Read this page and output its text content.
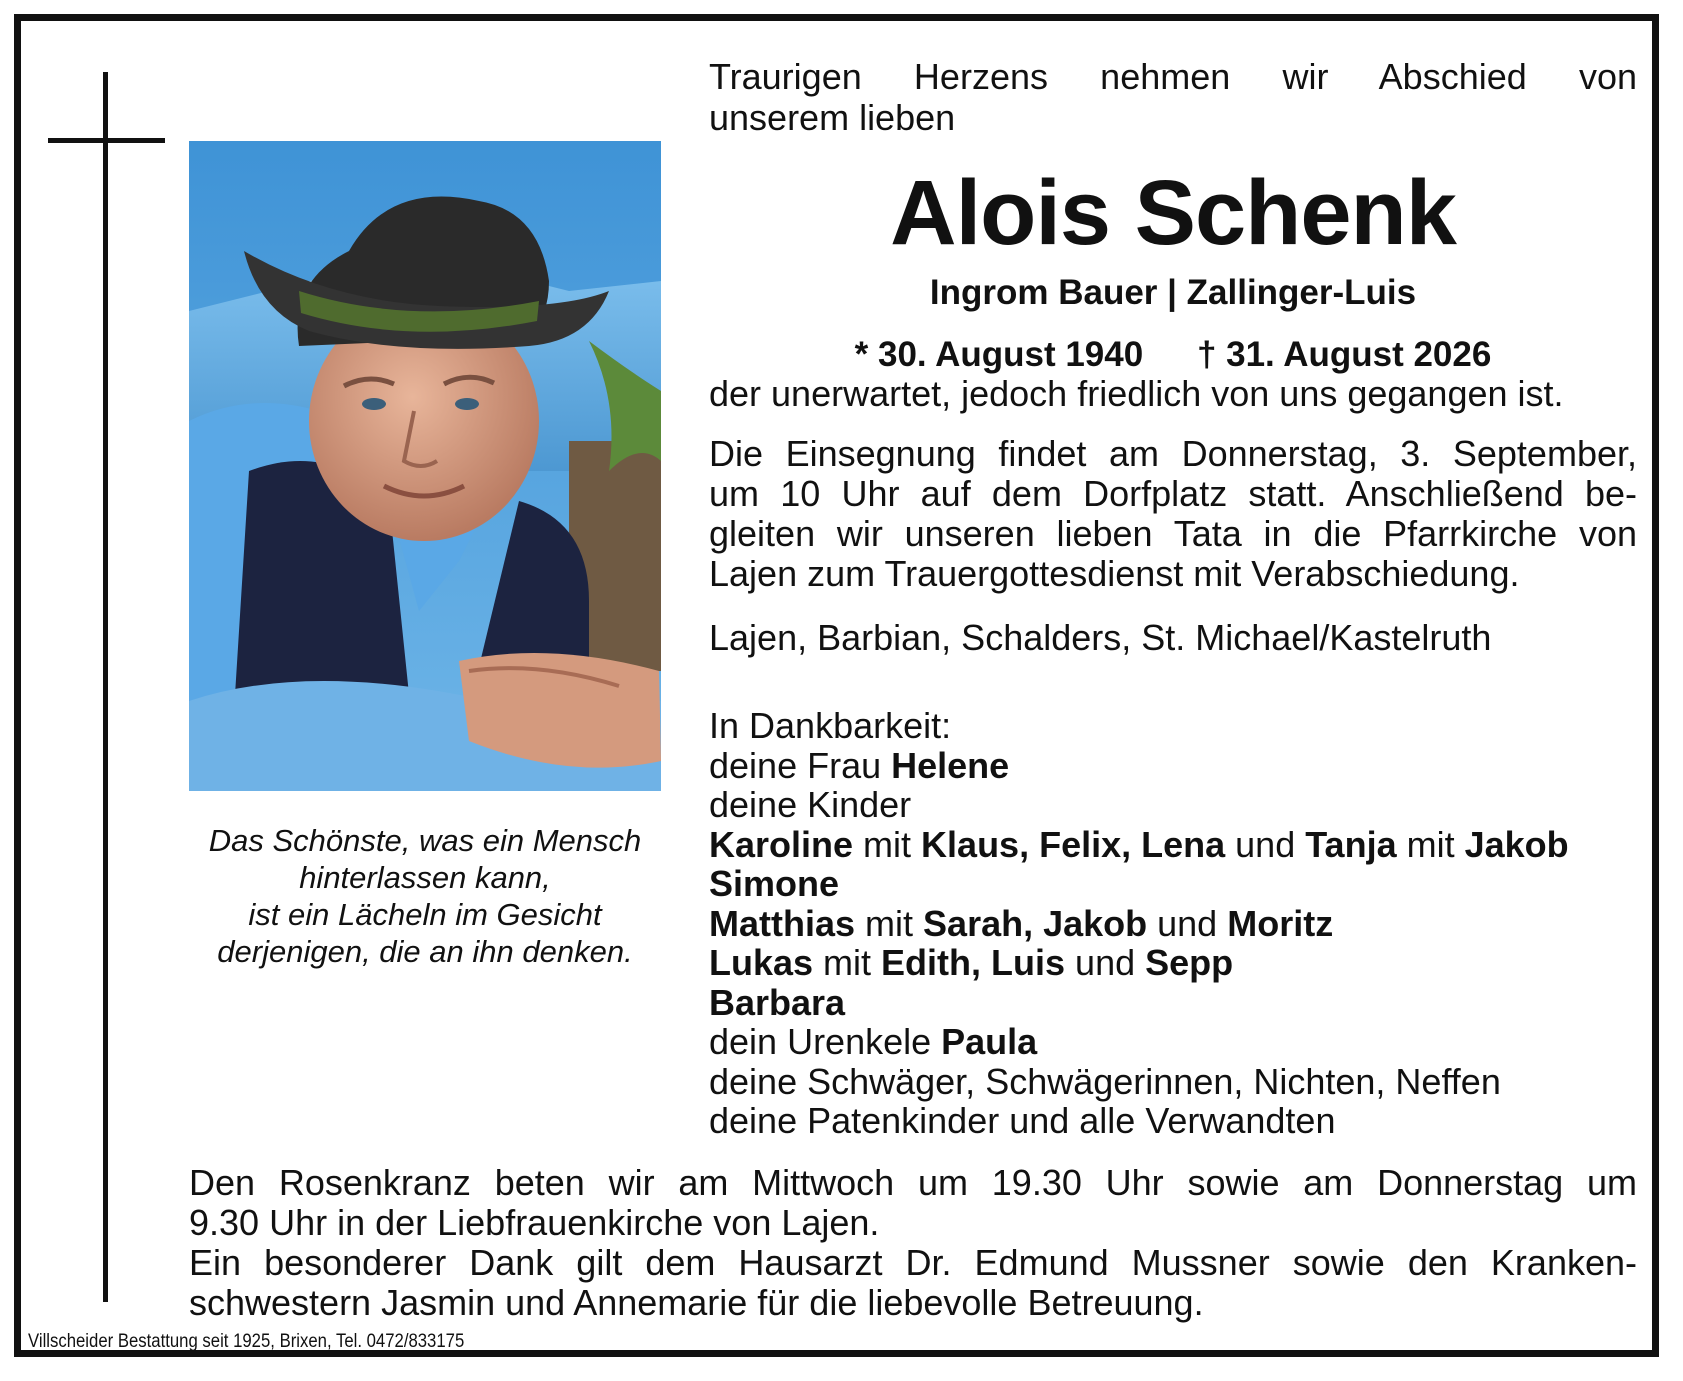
Das Schönste, was ein Mensch
hinterlassen kann,
ist ein Lächeln im Gesicht
derjenigen, die an ihn denken.
Traurigen Herzens nehmen wir Abschied von
unserem lieben
Alois Schenk
Ingrom Bauer | Zallinger-Luis
* 30. August 1940 † 31. August 2026
der unerwartet, jedoch friedlich von uns gegangen ist.
Die Einsegnung findet am Donnerstag, 3. September,
um 10 Uhr auf dem Dorfplatz statt. Anschließend be-
gleiten wir unseren lieben Tata in die Pfarrkirche von
Lajen zum Trauergottesdienst mit Verabschiedung.
Lajen, Barbian, Schalders, St. Michael/Kastelruth
In Dankbarkeit:
deine Frau Helene
deine Kinder
Karoline mit Klaus, Felix, Lena und Tanja mit Jakob
Simone
Matthias mit Sarah, Jakob und Moritz
Lukas mit Edith, Luis und Sepp
Barbara
dein Urenkele Paula
deine Schwäger, Schwägerinnen, Nichten, Neffen
deine Patenkinder und alle Verwandten
Den Rosenkranz beten wir am Mittwoch um 19.30 Uhr sowie am Donnerstag um
9.30 Uhr in der Liebfrauenkirche von Lajen.
Ein besonderer Dank gilt dem Hausarzt Dr. Edmund Mussner sowie den Kranken-
schwestern Jasmin und Annemarie für die liebevolle Betreuung.
Villscheider Bestattung seit 1925, Brixen, Tel. 0472/833175
